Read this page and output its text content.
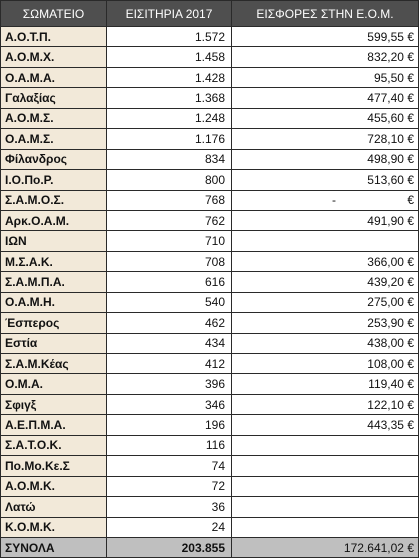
ΣΩΜΑΤΕΙΟ	ΕΙΣΙΤΗΡΙΑ 2017	ΕΙΣΦΟΡΕΣ ΣΤΗΝ Ε.Ο.Μ.
Α.Ο.Τ.Π.	1.572	599,55 €
Α.Ο.Μ.Χ.	1.458	832,20 €
Ο.Α.Μ.Α.	1.428	95,50 €
Γαλαξίας	1.368	477,40 €
Α.Ο.Μ.Σ.	1.248	455,60 €
Ο.Α.Μ.Σ.	1.176	728,10 €
Φίλανδρος	834	498,90 €
Ι.Ο.Πο.Ρ.	800	513,60 €
Σ.Α.Μ.Ο.Σ.	768	- €

Αρκ.Ο.Α.Μ.	762	491,90 €
ΙΩΝ	710	
Μ.Σ.Α.Κ.	708	366,00 €
Σ.Α.Μ.Π.Α.	616	439,20 €
Ο.Α.Μ.Η.	540	275,00 €
Έσπερος	462	253,90 €
Εστία	434	438,00 €
Σ.Α.Μ.Κέας	412	108,00 €
Ο.Μ.Α.	396	119,40 €
Σφιγξ	346	122,10 €
Α.Ε.Π.Μ.Α.	196	443,35 €
Σ.Α.Τ.Ο.Κ.	116	
Πο.Μο.Κε.Σ	74	
Α.Ο.Μ.Κ.	72	
Λατώ	36	
Κ.Ο.Μ.Κ.	24	
ΣΥΝΟΛΑ	203.855	172.641,02 €
